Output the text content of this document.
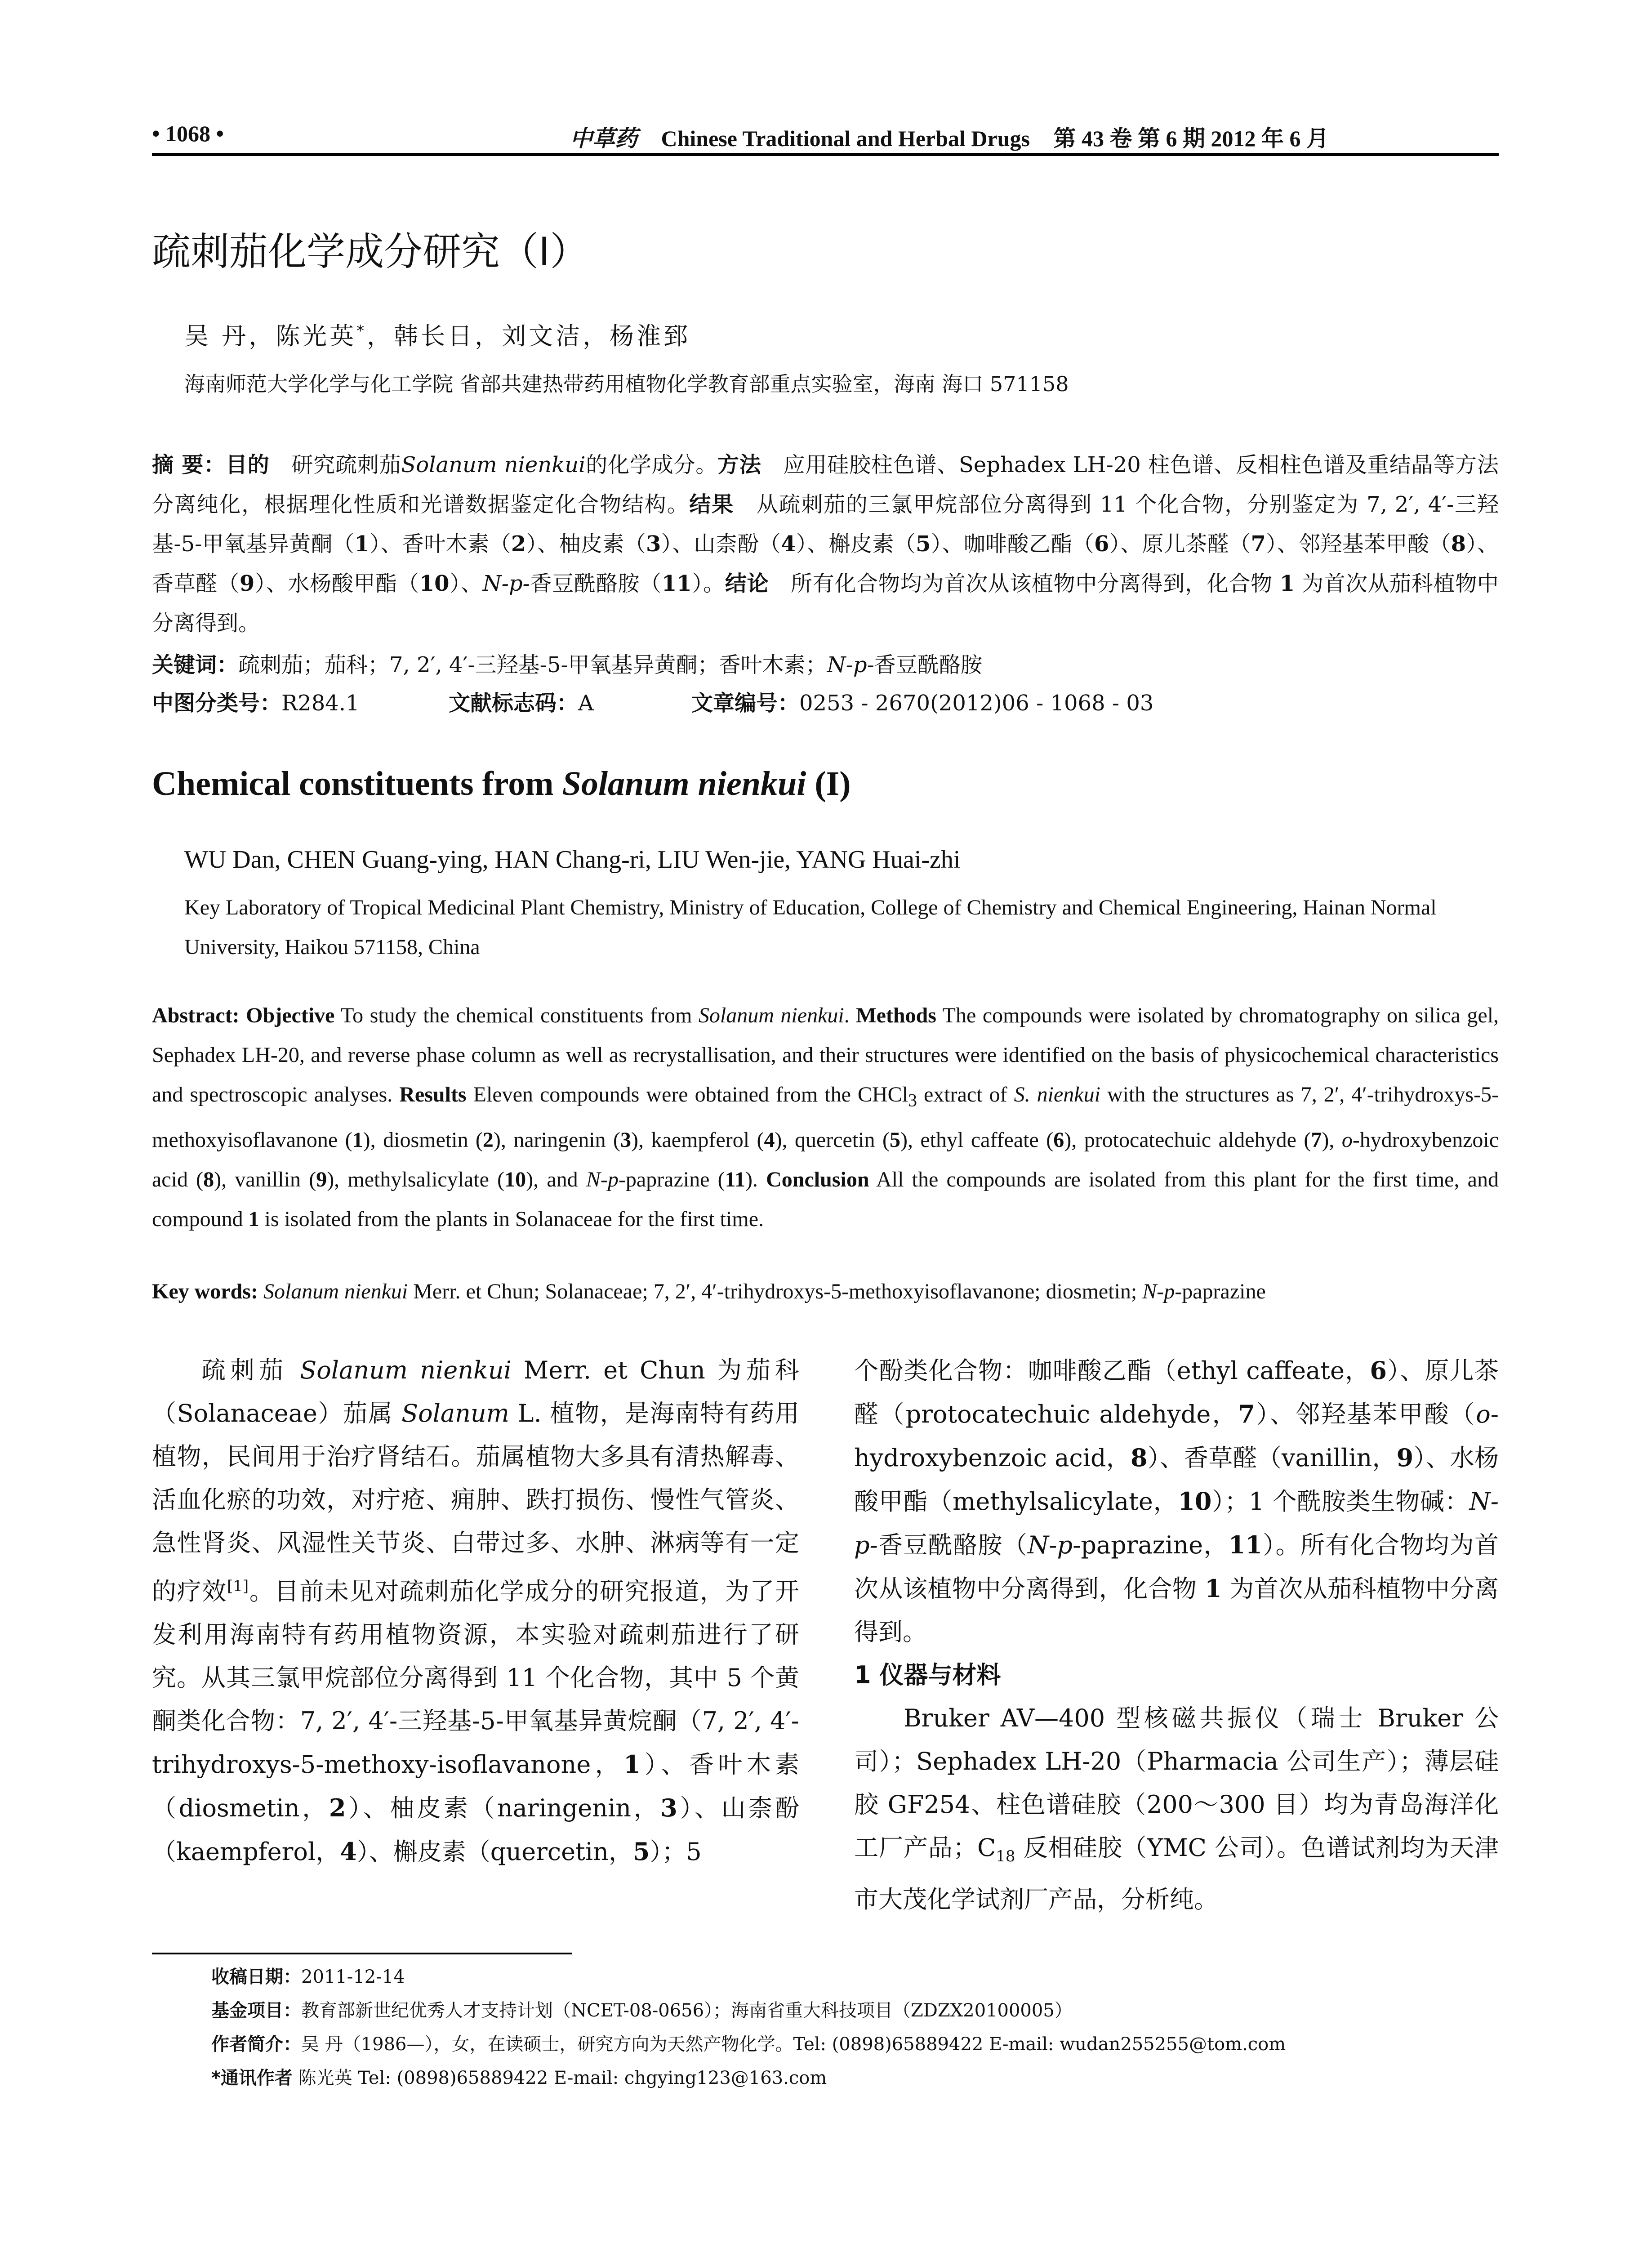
• 1068 •	中草药 Chinese Traditional and Herbal Drugs 第 43 卷 第 6 期 2012 年 6 月
疏刺茄化学成分研究（I）
吴 丹，陈光英*，韩长日，刘文洁，杨淮郅
海南师范大学化学与化工学院 省部共建热带药用植物化学教育部重点实验室，海南 海口 571158
摘 要：目的　 研究疏刺茄Solanum nienkui的化学成分。方法　 应用硅胶柱色谱、Sephadex LH-20 柱色谱、反相柱色谱及重结晶等方法分离纯化，根据理化性质和光谱数据鉴定化合物结构。结果　 从疏刺茄的三氯甲烷部位分离得到 11 个化合物，分别鉴定为 7, 2′, 4′-三羟基-5-甲氧基异黄酮（1）、香叶木素（2）、柚皮素（3）、山柰酚（4）、槲皮素（5）、咖啡酸乙酯（6）、原儿茶醛（7）、邻羟基苯甲酸（8）、香草醛（9）、水杨酸甲酯（10）、N-p-香豆酰酪胺（11）。结论　 所有化合物均为首次从该植物中分离得到，化合物 1 为首次从茄科植物中分离得到。
关键词：疏刺茄；茄科；7, 2′, 4′-三羟基-5-甲氧基异黄酮；香叶木素；N-p-香豆酰酪胺
中图分类号：R284.1	文献标志码：A	文章编号：0253 - 2670(2012)06 - 1068 - 03
Chemical constituents from Solanum nienkui (I)
WU Dan, CHEN Guang-ying, HAN Chang-ri, LIU Wen-jie, YANG Huai-zhi
Key Laboratory of Tropical Medicinal Plant Chemistry, Ministry of Education, College of Chemistry and Chemical Engineering, Hainan Normal University, Haikou 571158, China
Abstract: Objective To study the chemical constituents from Solanum nienkui. Methods The compounds were isolated by chromatography on silica gel, Sephadex LH-20, and reverse phase column as well as recrystallisation, and their structures were identified on the basis of physicochemical characteristics and spectroscopic analyses. Results Eleven compounds were obtained from the CHCl$_3$ extract of S. nienkui with the structures as 7, 2′, 4′-trihydroxys-5-methoxyisoflavanone (1), diosmetin (2), naringenin (3), kaempferol (4), quercetin (5), ethyl caffeate (6), protocatechuic aldehyde (7), o-hydroxybenzoic acid (8), vanillin (9), methylsalicylate (10), and N-p-paprazine (11). Conclusion All the compounds are isolated from this plant for the first time, and compound 1 is isolated from the plants in Solanaceae for the first time.
Key words: Solanum nienkui Merr. et Chun; Solanaceae; 7, 2′, 4′-trihydroxys-5-methoxyisoflavanone; diosmetin; N-p-paprazine
疏刺茄 Solanum nienkui Merr. et Chun 为茄科（Solanaceae）茄属 Solanum L. 植物，是海南特有药用植物，民间用于治疗肾结石。茄属植物大多具有清热解毒、活血化瘀的功效，对疔疮、痈肿、跌打损伤、慢性气管炎、急性肾炎、风湿性关节炎、白带过多、水肿、淋病等有一定的疗效[1]。目前未见对疏刺茄化学成分的研究报道，为了开发利用海南特有药用植物资源，本实验对疏刺茄进行了研究。从其三氯甲烷部位分离得到 11 个化合物，其中 5 个黄酮类化合物：7, 2′, 4′-三羟基-5-甲氧基异黄烷酮（7, 2′, 4′-trihydroxys-5-methoxy-isoflavanone，1）、香叶木素（diosmetin，2）、柚皮素（naringenin，3）、山柰酚（kaempferol，4）、槲皮素（quercetin，5）；5

个酚类化合物：咖啡酸乙酯（ethyl caffeate，6）、原儿茶醛（protocatechuic aldehyde，7）、邻羟基苯甲酸（o-hydroxybenzoic acid，8）、香草醛（vanillin，9）、水杨酸甲酯（methylsalicylate，10）；1 个酰胺类生物碱：N-p-香豆酰酪胺（N-p-paprazine，11）。所有化合物均为首次从该植物中分离得到，化合物 1 为首次从茄科植物中分离得到。

1 仪器与材料

Bruker AV—400 型核磁共振仪（瑞士 Bruker 公司）；Sephadex LH-20（Pharmacia 公司生产）；薄层硅胶 GF254、柱色谱硅胶（200～300 目）均为青岛海洋化工厂产品；$C_{18}$ 反相硅胶（YMC 公司）。色谱试剂均为天津市大茂化学试剂厂产品，分析纯。

收稿日期：2011-12-14
基金项目：教育部新世纪优秀人才支持计划（NCET-08-0656）；海南省重大科技项目（ZDZX20100005）
作者简介：吴 丹（1986—），女，在读硕士，研究方向为天然产物化学。Tel: (0898)65889422 E-mail: wudan255255@tom.com
*通讯作者 陈光英 Tel: (0898)65889422 E-mail: chgying123@163.com
